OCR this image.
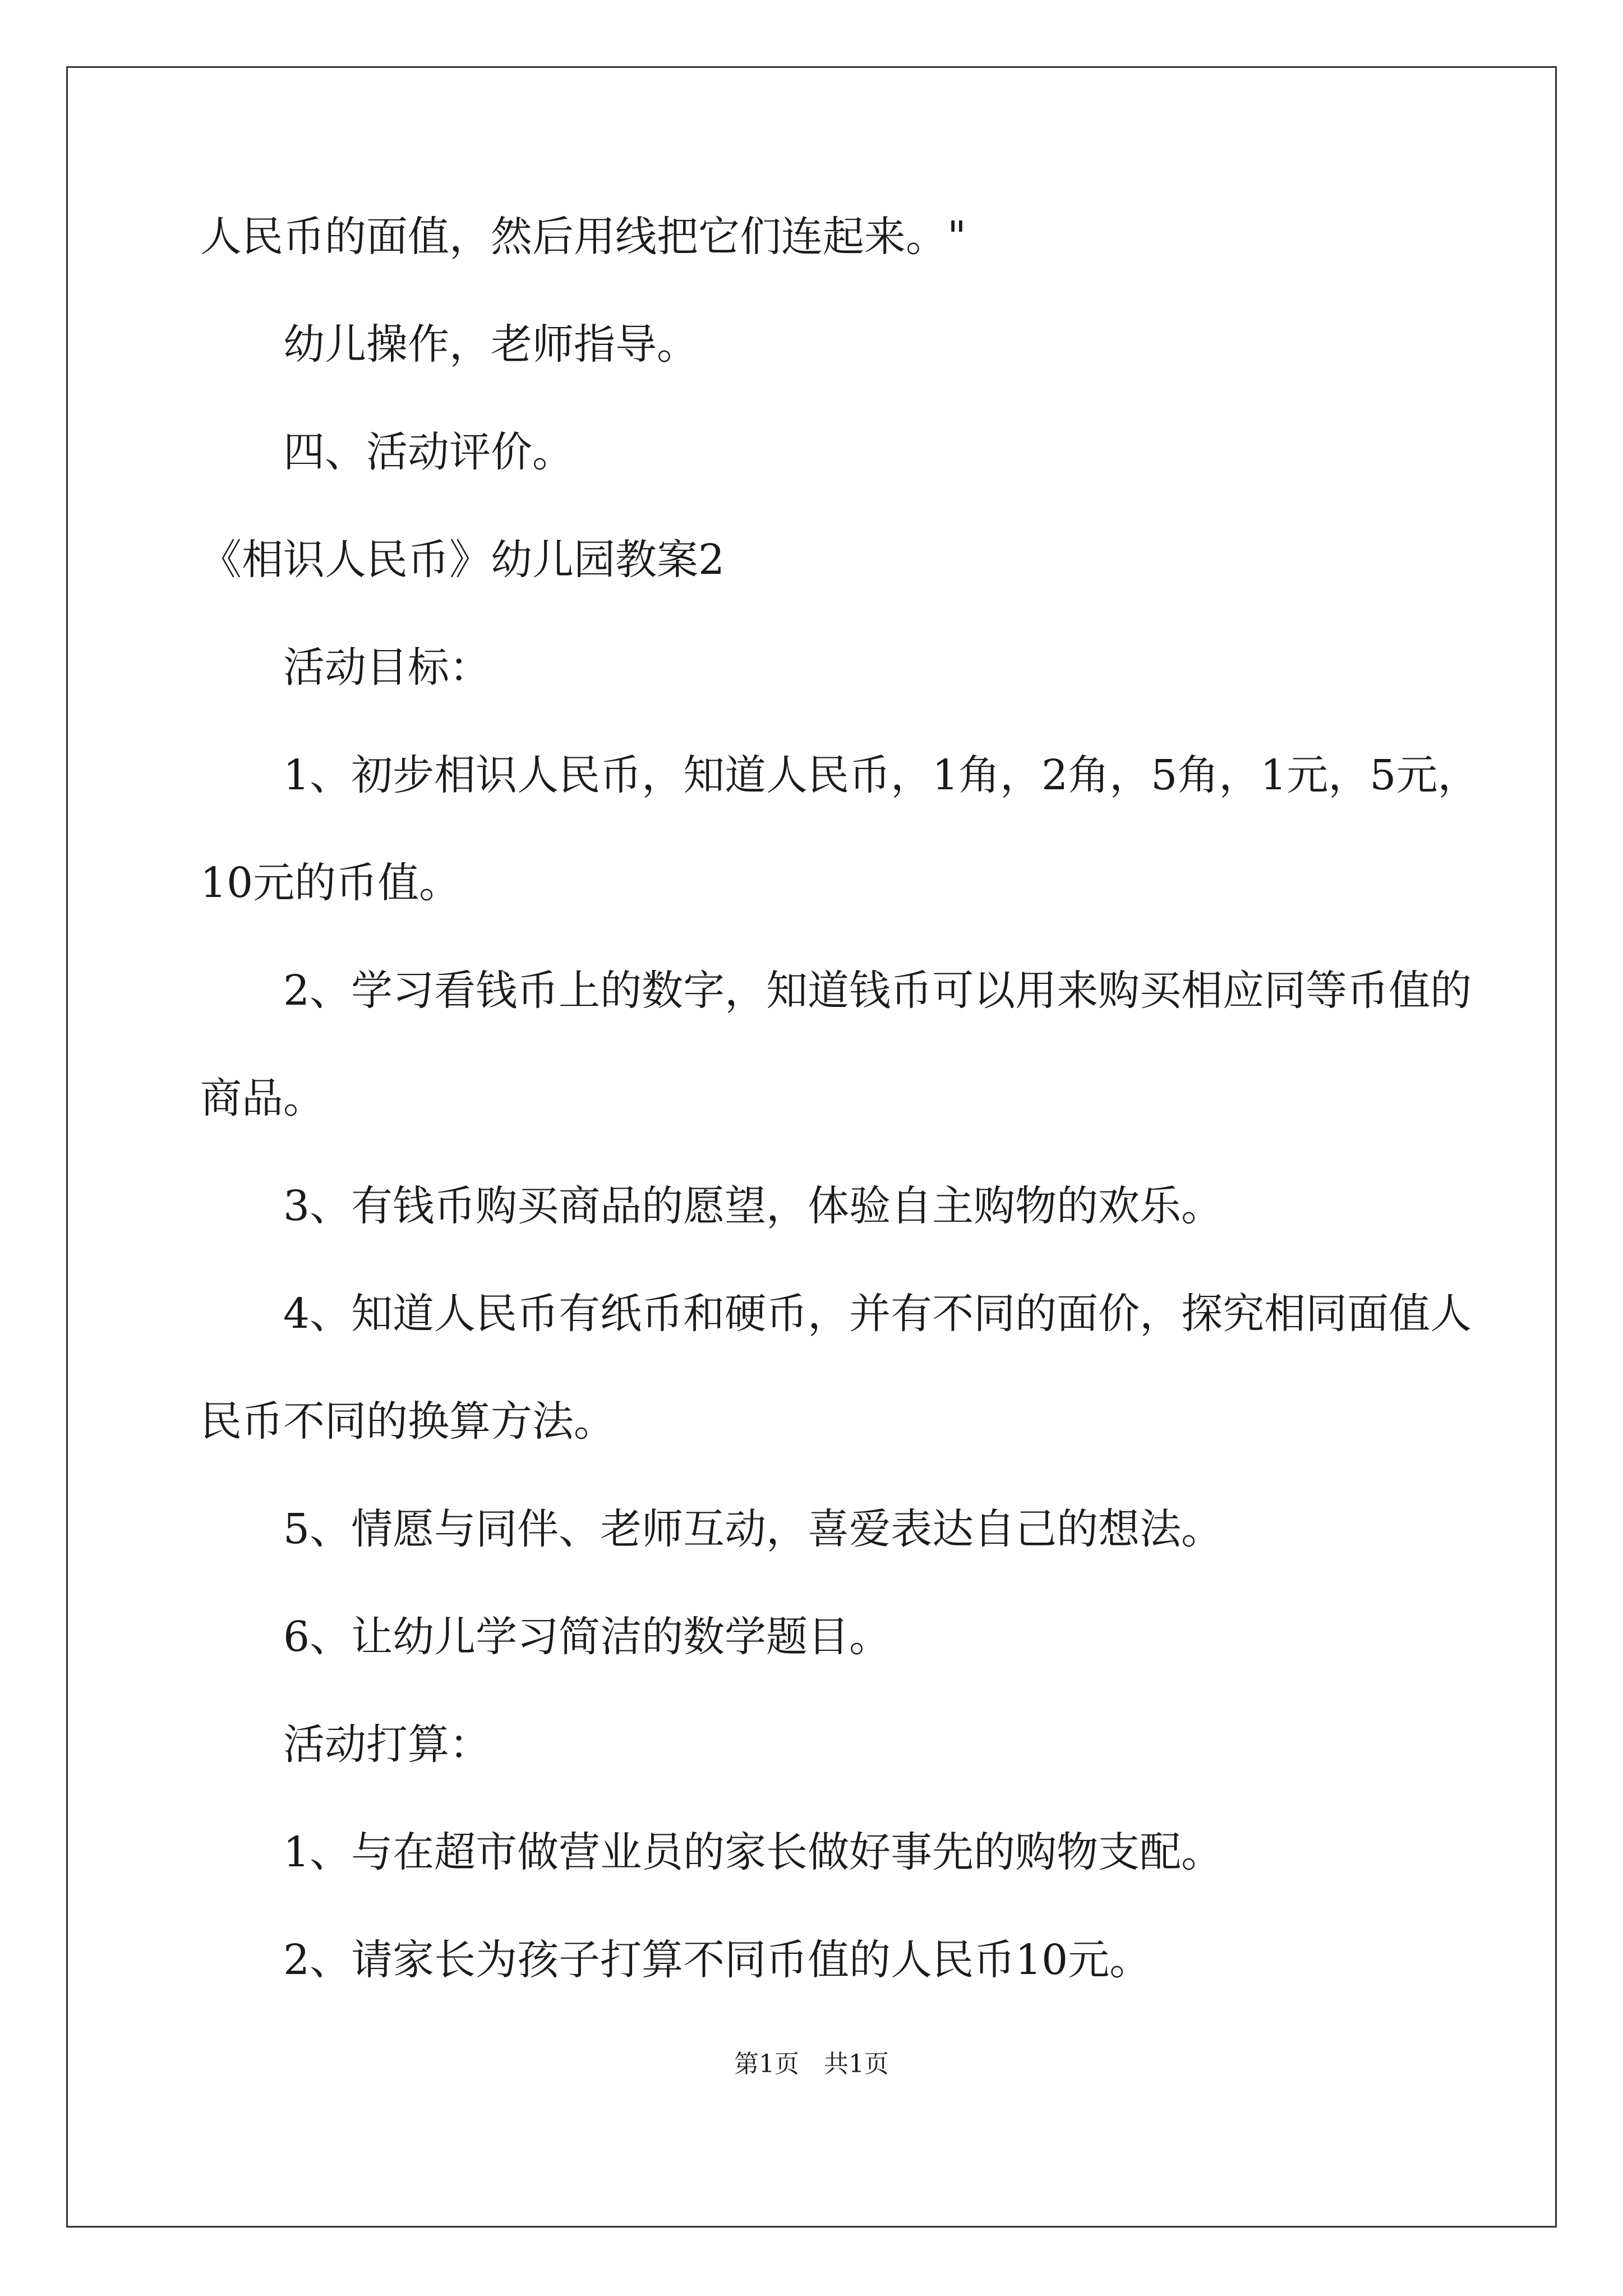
人民币的面值，然后用线把它们连起来。"

幼儿操作，老师指导。

四、活动评价。

《相识人民币》幼儿园教案2

活动目标：

1、初步相识人民币，知道人民币，1角，2角，5角，1元，5元，

10元的币值。

2、学习看钱币上的数字，知道钱币可以用来购买相应同等币值的

商品。

3、有钱币购买商品的愿望，体验自主购物的欢乐。

4、知道人民币有纸币和硬币，并有不同的面价，探究相同面值人

民币不同的换算方法。

5、情愿与同伴、老师互动，喜爱表达自己的想法。

6、让幼儿学习简洁的数学题目。

活动打算：

1、与在超市做营业员的家长做好事先的购物支配。

2、请家长为孩子打算不同币值的人民币10元。

第1页　共1页
